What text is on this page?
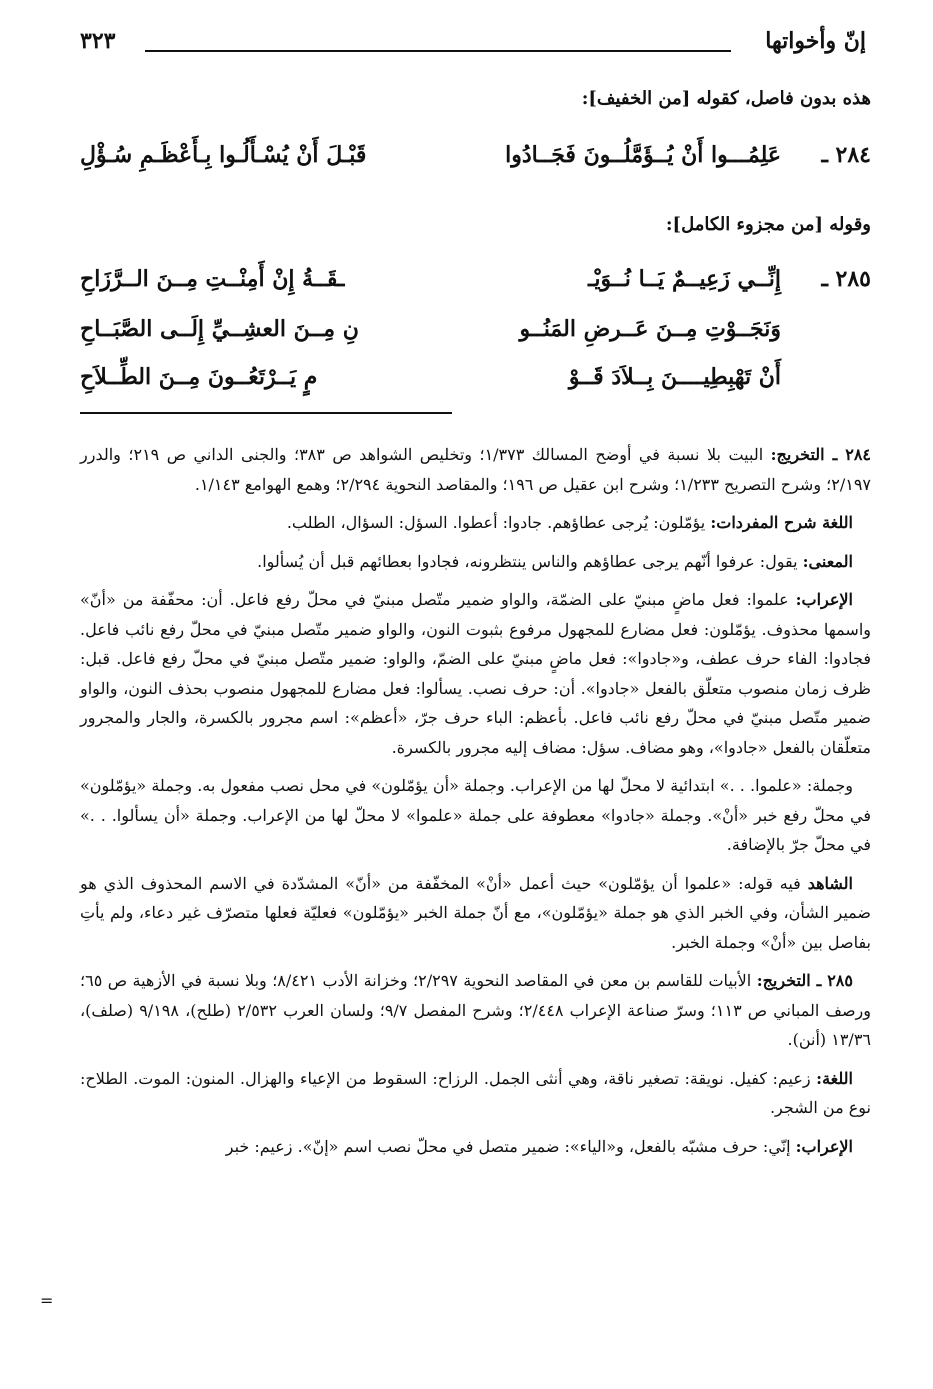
إنّ وأخواتها
٣٢٣
هذه بدون فاصل، كقوله [من الخفيف]:
٢٨٤ ـ
عَلِمُـــوا أَنْ يُــؤَمَّلُــونَ فَجَــادُوا
قَبْـلَ أَنْ يُسْـأَلُـوا بِـأَعْظَـمِ سُـؤْلِ
وقوله [من مجزوء الكامل]:
٢٨٥ ـ
إِنِّــي زَعِيــمٌ يَــا نُــوَيْـ
ـقَــةُ إِنْ أَمِنْــتِ مِــنَ الــرَّزَاحِ
وَنَجَــوْتِ مِــنَ عَــرضِ المَنُــو
نِ مِــنَ العشِــيِّ إِلَــى الصَّبَــاحِ
أَنْ تَهْبِطِيــــنَ بِــلاَدَ قَــوْ
مٍ يَــرْتَعُــونَ مِــنَ الطِّــلاَحِ

٢٨٤ ـ التخريج: البيت بلا نسبة في أوضح المسالك ١/٣٧٣؛ وتخليص الشواهد ص ٣٨٣؛ والجنى الداني ص ٢١٩؛ والدرر ٢/١٩٧؛ وشرح التصريح ١/٢٣٣؛ وشرح ابن عقيل ص ١٩٦؛ والمقاصد النحوية ٢/٢٩٤؛ وهمع الهوامع ١/١٤٣.

اللغة شرح المفردات: يؤمّلون: يُرجى عطاؤهم. جادوا: أعطوا. السؤل: السؤال، الطلب.

المعنى: يقول: عرفوا أنّهم يرجى عطاؤهم والناس ينتظرونه، فجادوا بعطائهم قبل أن يُسألوا.

الإعراب: علموا: فعل ماضٍ مبنيّ على الضمّة، والواو ضمير متّصل مبنيّ في محلّ رفع فاعل. أن: محفّفة من «أنّ» واسمها محذوف. يؤمّلون: فعل مضارع للمجهول مرفوع بثبوت النون، والواو ضمير متّصل مبنيّ في محلّ رفع نائب فاعل. فجادوا: الفاء حرف عطف، و«جادوا»: فعل ماضٍ مبنيّ على الضمّ، والواو: ضمير متّصل مبنيّ في محلّ رفع فاعل. قبل: ظرف زمان منصوب متعلّق بالفعل «جادوا». أن: حرف نصب. يسألوا: فعل مضارع للمجهول منصوب بحذف النون، والواو ضمير متّصل مبنيّ في محلّ رفع نائب فاعل. بأعظم: الباء حرف جرّ، «أعظم»: اسم مجرور بالكسرة، والجار والمجرور متعلّقان بالفعل «جادوا»، وهو مضاف. سؤل: مضاف إليه مجرور بالكسرة.

وجملة: «علموا. . .» ابتدائية لا محلّ لها من الإعراب. وجملة «أن يؤمّلون» في محل نصب مفعول به. وجملة «يؤمّلون» في محلّ رفع خبر «أنْ». وجملة «جادوا» معطوفة على جملة «علموا» لا محلّ لها من الإعراب. وجملة «أن يسألوا. . .» في محلّ جرّ بالإضافة.

الشاهد فيه قوله: «علموا أن يؤمّلون» حيث أعمل «أنْ» المخفّفة من «أنّ» المشدّدة في الاسم المحذوف الذي هو ضمير الشأن، وفي الخبر الذي هو جملة «يؤمّلون»، مع أنّ جملة الخبر «يؤمّلون» فعليّة فعلها متصرّف غير دعاء، ولم يأتِ بفاصل بين «أنْ» وجملة الخبر.

٢٨٥ ـ التخريج: الأبيات للقاسم بن معن في المقاصد النحوية ٢/٢٩٧؛ وخزانة الأدب ٨/٤٢١؛ وبلا نسبة في الأزهية ص ٦٥؛ ورصف المباني ص ١١٣؛ وسرّ صناعة الإعراب ٢/٤٤٨؛ وشرح المفصل ٩/٧؛ ولسان العرب ٢/٥٣٢ (طلح)، ٩/١٩٨ (صلف)، ١٣/٣٦ (أنن).

اللغة: زعيم: كفيل. نويقة: تصغير ناقة، وهي أنثى الجمل. الرزاح: السقوط من الإعياء والهزال. المنون: الموت. الطلاح: نوع من الشجر.

الإعراب: إنّي: حرف مشبّه بالفعل، و«الياء»: ضمير متصل في محلّ نصب اسم «إنّ». زعيم: خبر

=
